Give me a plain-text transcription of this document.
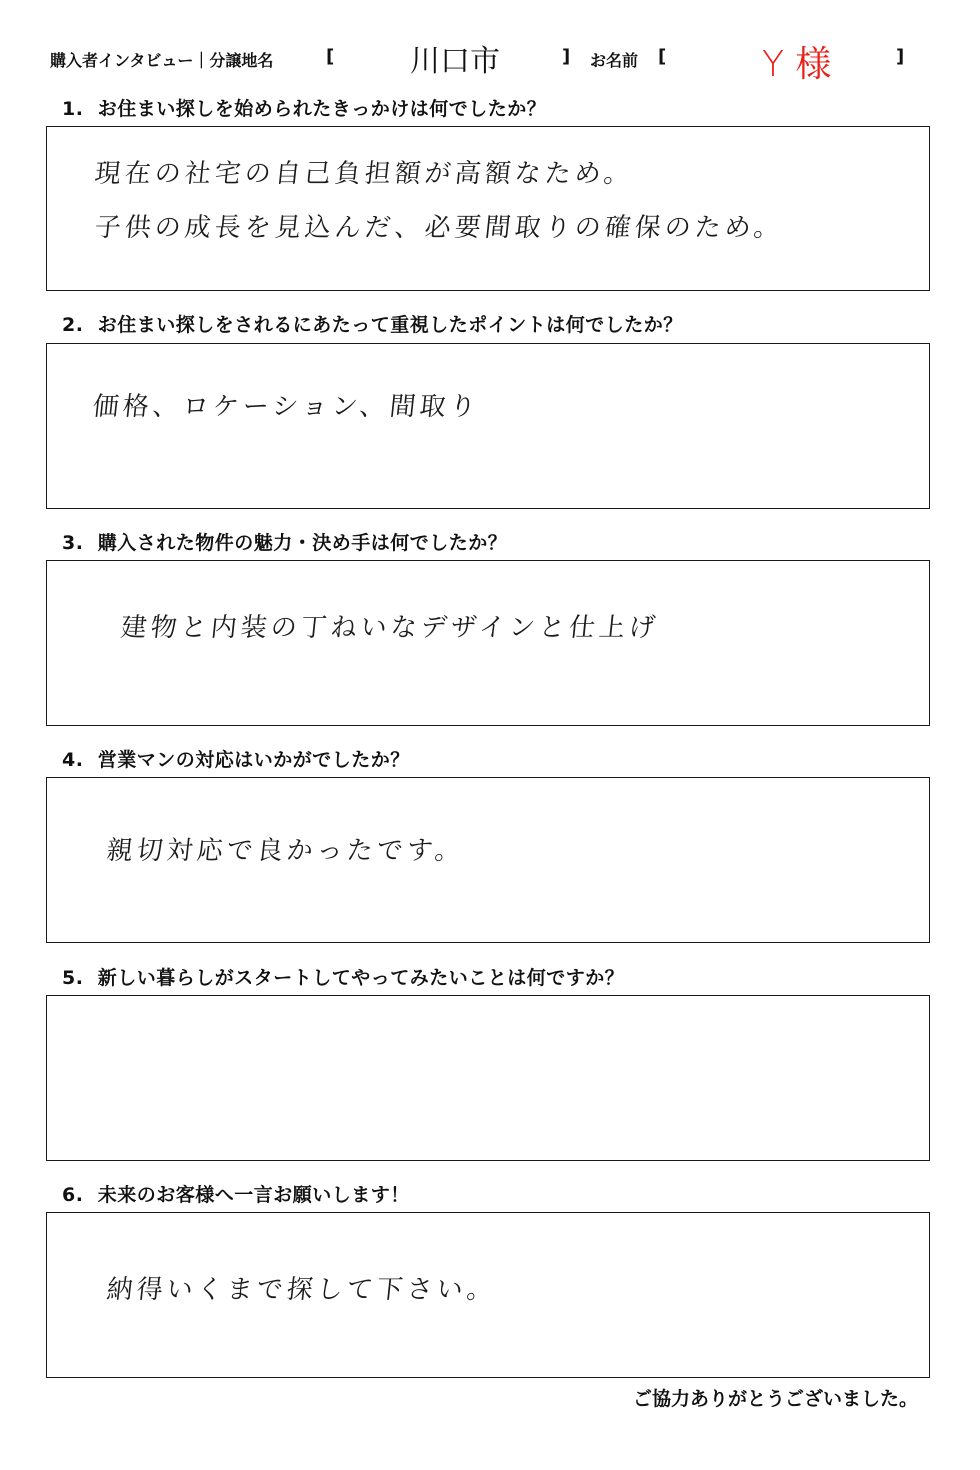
購入者インタビュー｜分譲地名	[	川口市	] お名前 [	Y 様	]
1. お住まい探しを始められたきっかけは何でしたか？
現在の社宅の自己負担額が高額なため。
子供の成長を見込んだ、必要間取りの確保のため。
2. お住まい探しをされるにあたって重視したポイントは何でしたか？
価格、ロケーション、間取り
3. 購入された物件の魅力・決め手は何でしたか？
建物と内装の丁ねいなデザインと仕上げ
4. 営業マンの対応はいかがでしたか？
親切対応で良かったです。
5. 新しい暮らしがスタートしてやってみたいことは何ですか？
6. 未来のお客様へ一言お願いします！
納得いくまで探して下さい。
ご協力ありがとうございました。
